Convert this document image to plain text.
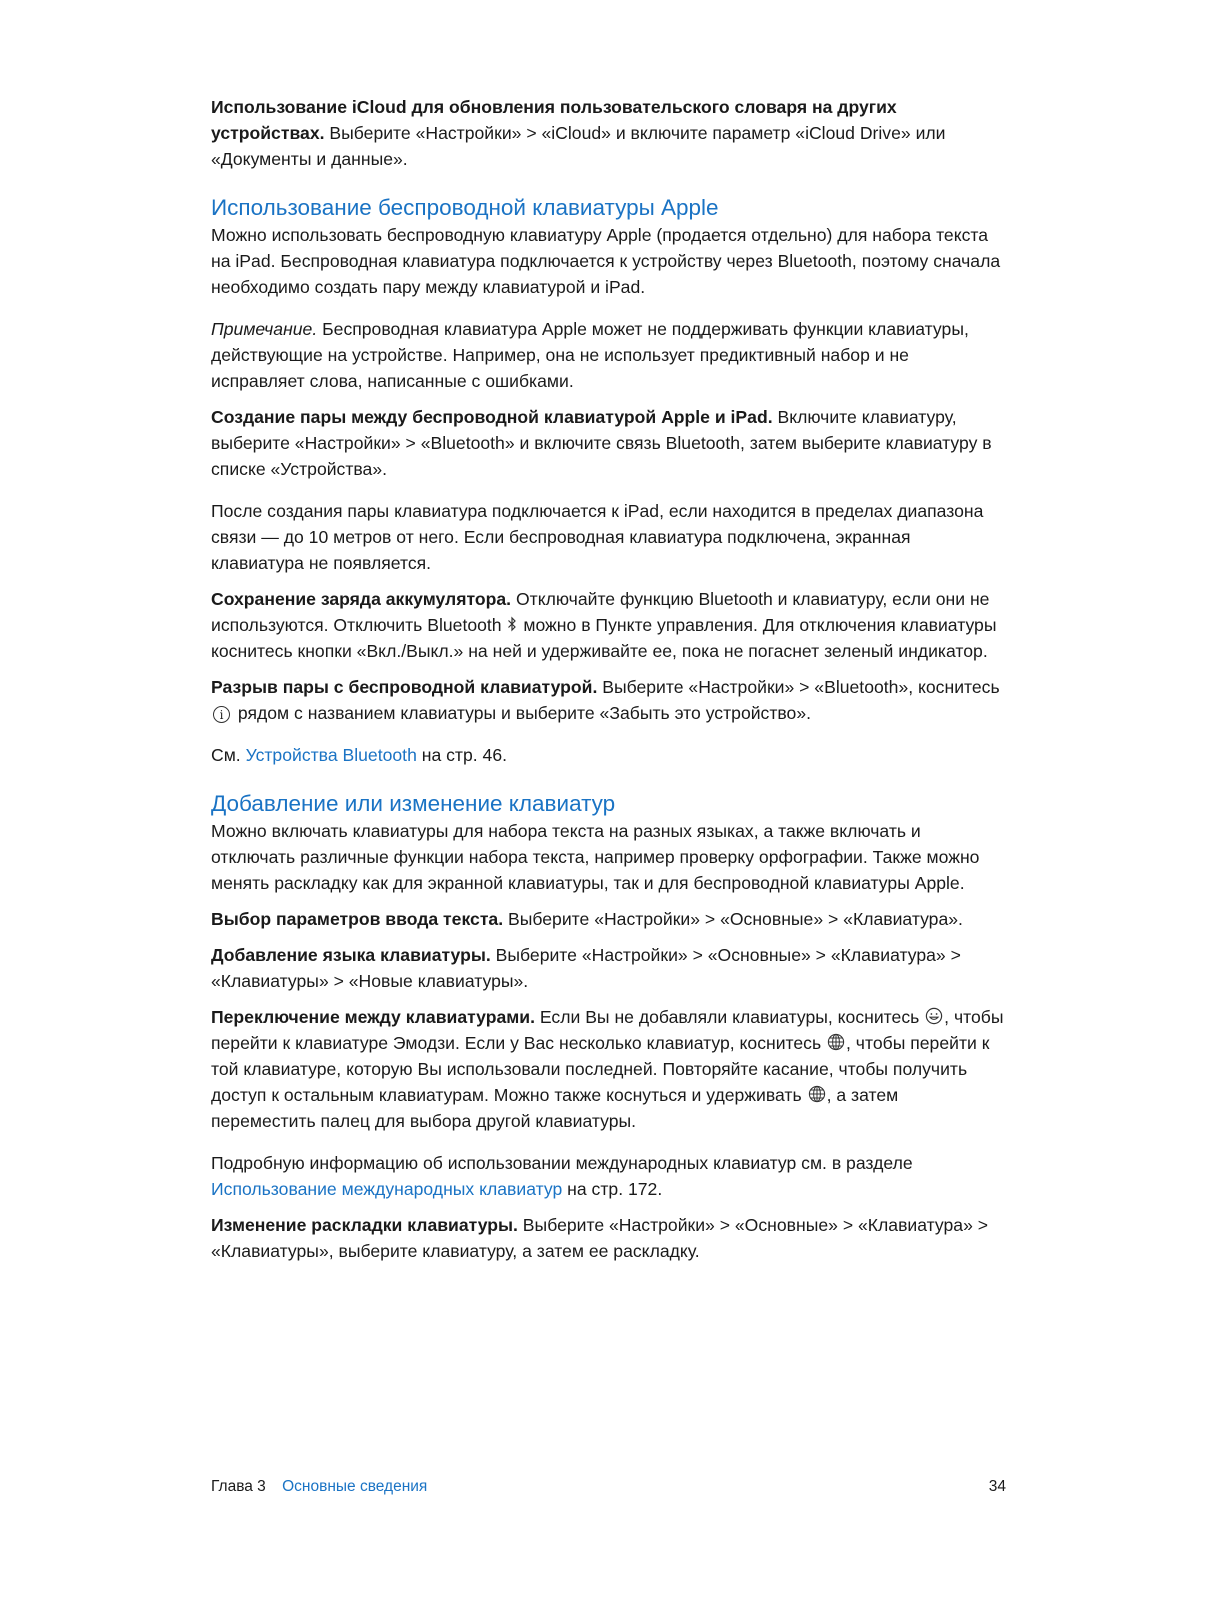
Использование iCloud для обновления пользовательского словаря на других устройствах. Выберите «Настройки» > «iCloud» и включите параметр «iCloud Drive» или «Документы и данные».

Использование беспроводной клавиатуры Apple

Можно использовать беспроводную клавиатуру Apple (продается отдельно) для набора текста на iPad. Беспроводная клавиатура подключается к устройству через Bluetooth, поэтому сначала необходимо создать пару между клавиатурой и iPad.

Примечание. Беспроводная клавиатура Apple может не поддерживать функции клавиатуры, действующие на устройстве. Например, она не использует предиктивный набор и не исправляет слова, написанные с ошибками.

Создание пары между беспроводной клавиатурой Apple и iPad. Включите клавиатуру, выберите «Настройки» > «Bluetooth» и включите связь Bluetooth, затем выберите клавиатуру в списке «Устройства».

После создания пары клавиатура подключается к iPad, если находится в пределах диапазона связи — до 10 метров от него. Если беспроводная клавиатура подключена, экранная клавиатура не появляется.

Сохранение заряда аккумулятора. Отключайте функцию Bluetooth и клавиатуру, если они не используются. Отключить Bluetooth  можно в Пункте управления. Для отключения клавиатуры коснитесь кнопки «Вкл./Выкл.» на ней и удерживайте ее, пока не погаснет зеленый индикатор.

Разрыв пары с беспроводной клавиатурой. Выберите «Настройки» > «Bluetooth», коснитесь i рядом с названием клавиатуры и выберите «Забыть это устройство».

См. Устройства Bluetooth на стр. 46.

Добавление или изменение клавиатур

Можно включать клавиатуры для набора текста на разных языках, а также включать и отключать различные функции набора текста, например проверку орфографии. Также можно менять раскладку как для экранной клавиатуры, так и для беспроводной клавиатуры Apple.

Выбор параметров ввода текста. Выберите «Настройки» > «Основные» > «Клавиатура».

Добавление языка клавиатуры. Выберите «Настройки» > «Основные» > «Клавиатура» > «Клавиатуры» > «Новые клавиатуры».

Переключение между клавиатурами. Если Вы не добавляли клавиатуры, коснитесь , чтобы перейти к клавиатуре Эмодзи. Если у Вас несколько клавиатур, коснитесь , чтобы перейти к той клавиатуре, которую Вы использовали последней. Повторяйте касание, чтобы получить доступ к остальным клавиатурам. Можно также коснуться и удерживать , а затем переместить палец для выбора другой клавиатуры.

Подробную информацию об использовании международных клавиатур см. в разделе Использование международных клавиатур на стр. 172.

Изменение раскладки клавиатуры. Выберите «Настройки» > «Основные» > «Клавиатура» > «Клавиатуры», выберите клавиатуру, а затем ее раскладку.

Глава 3 Основные сведения	34
